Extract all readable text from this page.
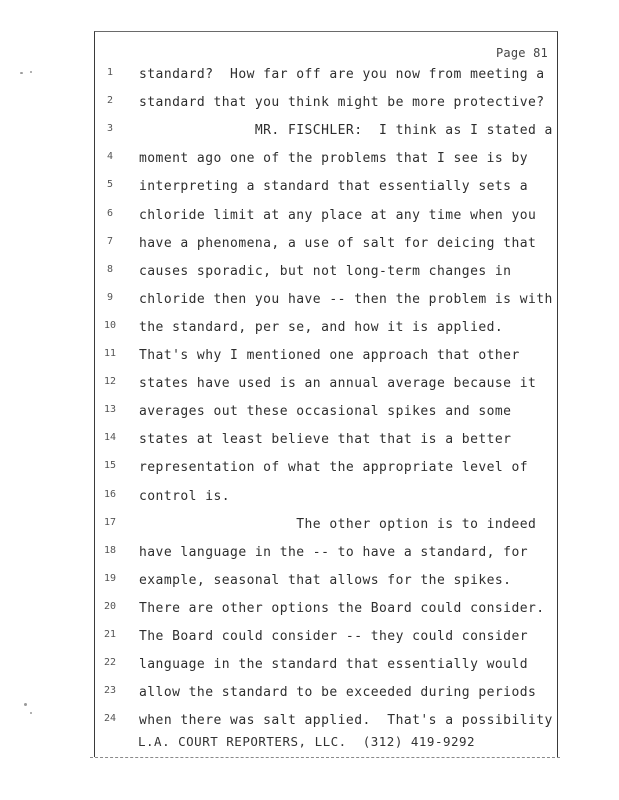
Page 81
1	standard?  How far off are you now from meeting a
2	standard that you think might be more protective?
3	MR. FISCHLER:  I think as I stated a
4	moment ago one of the problems that I see is by
5	interpreting a standard that essentially sets a
6	chloride limit at any place at any time when you
7	have a phenomena, a use of salt for deicing that
8	causes sporadic, but not long-term changes in
9	chloride then you have -- then the problem is with
10	the standard, per se, and how it is applied.
11	That's why I mentioned one approach that other
12	states have used is an annual average because it
13	averages out these occasional spikes and some
14	states at least believe that that is a better
15	representation of what the appropriate level of
16	control is.
17	The other option is to indeed
18	have language in the -- to have a standard, for
19	example, seasonal that allows for the spikes.
20	There are other options the Board could consider.
21	The Board could consider -- they could consider
22	language in the standard that essentially would
23	allow the standard to be exceeded during periods
24	when there was salt applied.  That's a possibility
L.A. COURT REPORTERS, LLC.  (312) 419-9292
